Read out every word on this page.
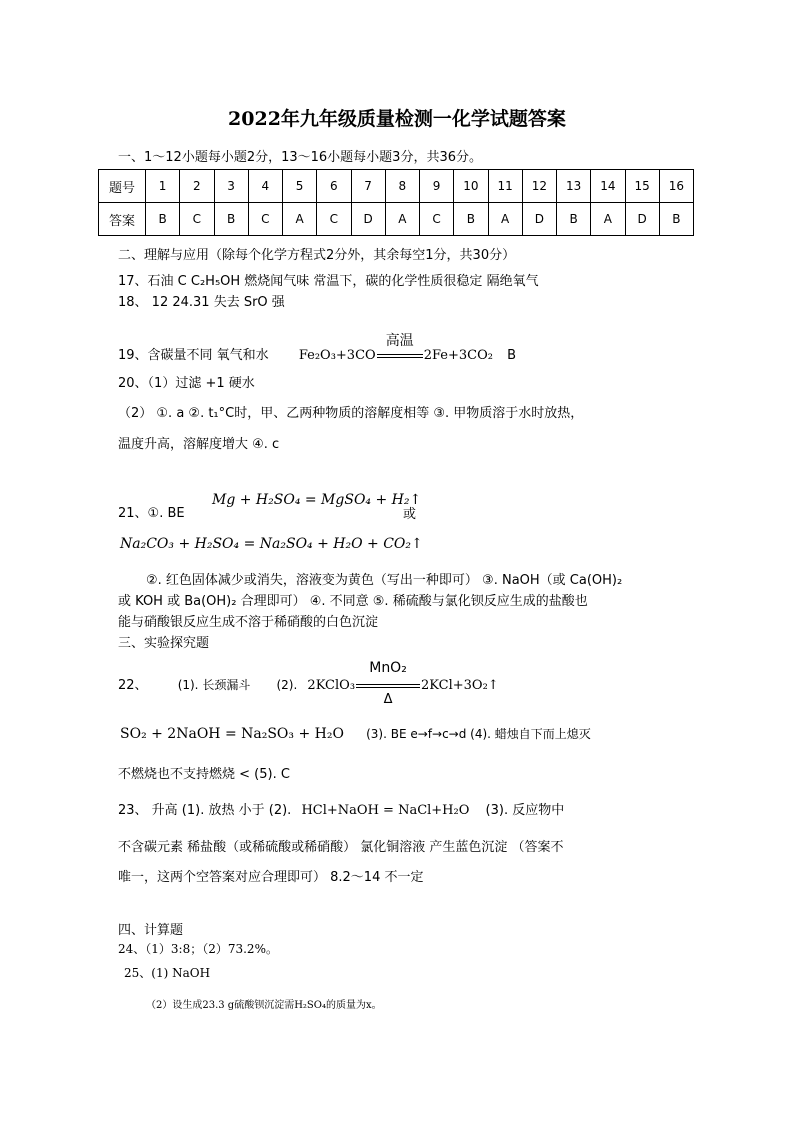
2022年九年级质量检测一化学试题答案
一、1～12小题每小题2分，13～16小题每小题3分，共36分。
题号	1	2	3	4	5	6	7	8	9	10	11	12	13	14	15	16
答案	B	C	B	C	A	C	D	A	C	B	A	D	B	A	D	B
二、理解与应用（除每个化学方程式2分外，其余每空1分，共30分）
17、石油 C C₂H₅OH 燃烧闻气味 常温下，碳的化学性质很稳定 隔绝氧气
18、 12 24.31 失去 SrO 强
19、含碳量不同 氧气和水 Fe₂O₃+3CO
高温
2Fe+3CO₂ B
20、（1）过滤 +1 硬水
（2） ①. a ②. t₁°C时，甲、乙两种物质的溶解度相等 ③. 甲物质溶于水时放热，
温度升高，溶解度增大 ④. c
21、①. BE
Mg + H₂SO₄ = MgSO₄ + H₂↑
或
Na₂CO₃ + H₂SO₄ = Na₂SO₄ + H₂O + CO₂↑
②. 红色固体减少或消失，溶液变为黄色（写出一种即可） ③. NaOH（或 Ca(OH)₂
或 KOH 或 Ba(OH)₂ 合理即可） ④. 不同意 ⑤. 稀硫酸与氯化钡反应生成的盐酸也
能与硝酸银反应生成不溶于稀硝酸的白色沉淀
三、实验探究题
22、	(1). 长颈漏斗 (2). 2KClO₃
MnO₂
Δ
2KCl+3O₂↑
SO₂ + 2NaOH = Na₂SO₃ + H₂O (3). BE e→f→c→d (4). 蜡烛自下而上熄灭
不燃烧也不支持燃烧 < (5). C
23、 升高 (1). 放热 小于 (2). HCl+NaOH = NaCl+H₂O (3). 反应物中
不含碳元素 稀盐酸（或稀硫酸或稀硝酸） 氯化铜溶液 产生蓝色沉淀 （答案不
唯一，这两个空答案对应合理即可） 8.2～14 不一定
四、计算题
24、（1）3:8；（2）73.2%。
25、(1) NaOH
（2）设生成23.3 g硫酸钡沉淀需H₂SO₄的质量为x。
